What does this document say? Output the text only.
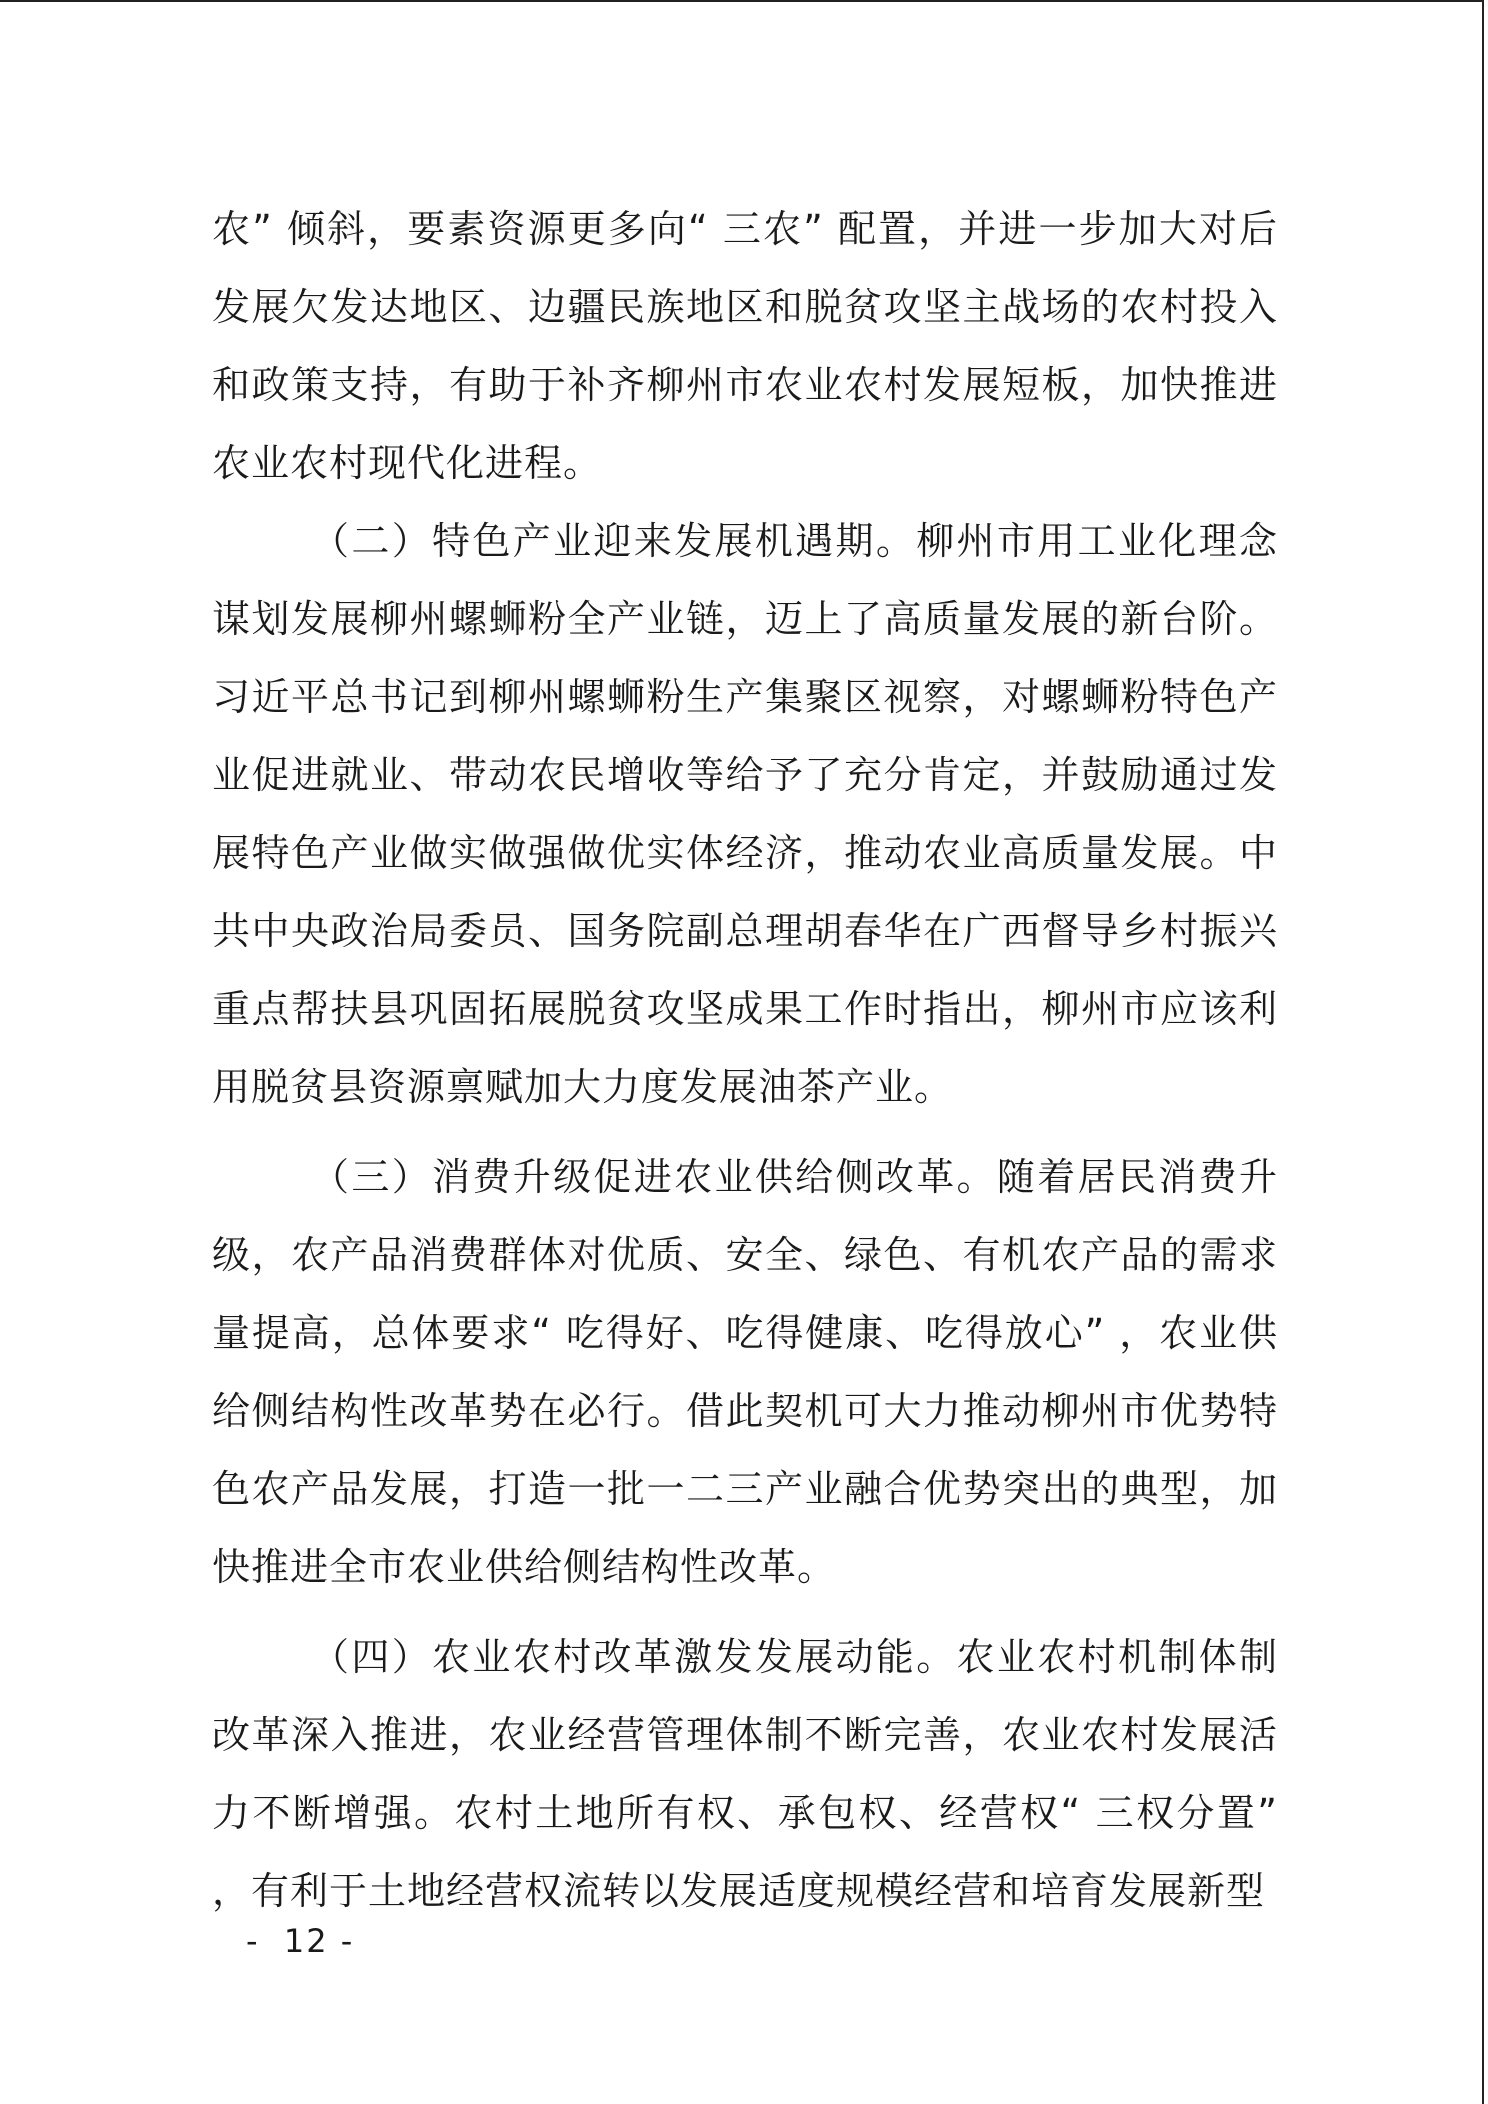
农” 倾斜，要素资源更多向“ 三农” 配置，并进一步加大对后发展欠发达地区、边疆民族地区和脱贫攻坚主战场的农村投入和政策支持，有助于补齐柳州市农业农村发展短板，加快推进农业农村现代化进程。

（二）特色产业迎来发展机遇期。柳州市用工业化理念谋划发展柳州螺蛳粉全产业链，迈上了高质量发展的新台阶。习近平总书记到柳州螺蛳粉生产集聚区视察，对螺蛳粉特色产业促进就业、带动农民增收等给予了充分肯定，并鼓励通过发展特色产业做实做强做优实体经济，推动农业高质量发展。中共中央政治局委员、国务院副总理胡春华在广西督导乡村振兴重点帮扶县巩固拓展脱贫攻坚成果工作时指出，柳州市应该利用脱贫县资源禀赋加大力度发展油茶产业。

（三）消费升级促进农业供给侧改革。随着居民消费升级，农产品消费群体对优质、安全、绿色、有机农产品的需求量提高，总体要求“ 吃得好、吃得健康、吃得放心” ，农业供给侧结构性改革势在必行。借此契机可大力推动柳州市优势特色农产品发展，打造一批一二三产业融合优势突出的典型，加快推进全市农业供给侧结构性改革。

（四）农业农村改革激发发展动能。农业农村机制体制改革深入推进，农业经营管理体制不断完善，农业农村发展活力不断增强。农村土地所有权、承包权、经营权“ 三权分置” ，有利于土地经营权流转以发展适度规模经营和培育发展新型

-  12 -
